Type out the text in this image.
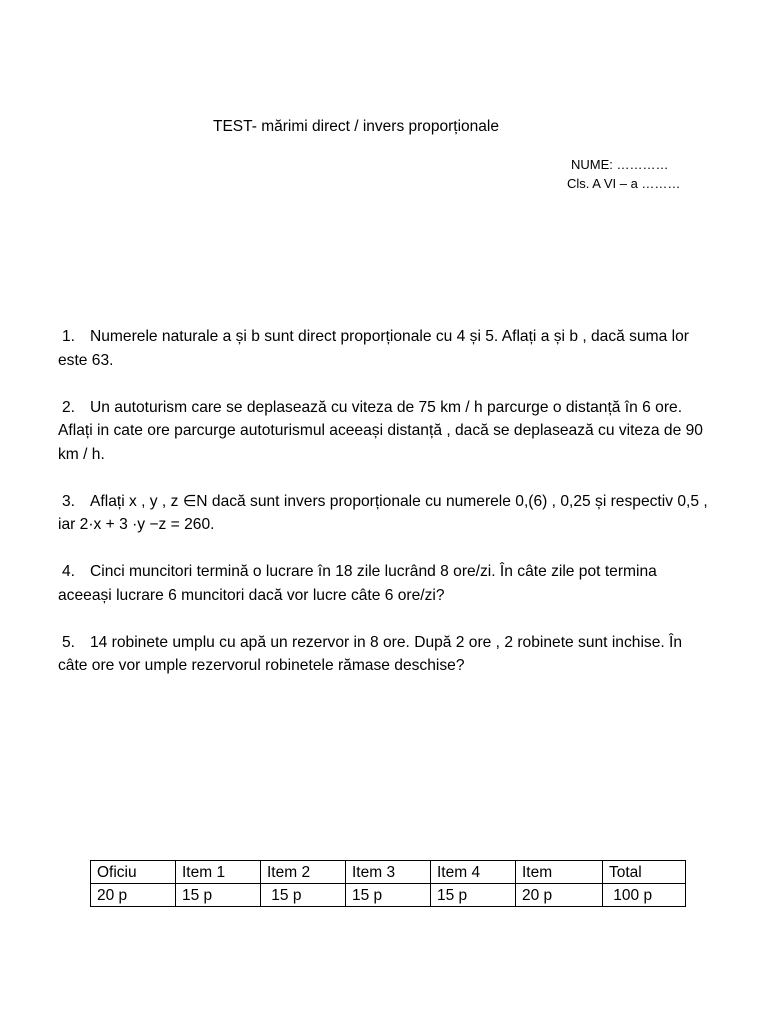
TEST- mărimi direct / invers proporționale
NUME: …………
Cls. A VI – a ………
1. Numerele naturale a și b sunt direct proporționale cu 4 și 5. Aflați a și b , dacă suma lor este 63.
2. Un autoturism care se deplasează cu viteza de 75 km / h parcurge o distanță în 6 ore. Aflați in cate ore parcurge autoturismul aceeași distanță , dacă se deplasează cu viteza de 90 km / h.
3. Aflați x , y , z ∈N dacă sunt invers proporționale cu numerele 0,(6) , 0,25 și respectiv 0,5 , iar 2·x + 3 ·y −z = 260.
4. Cinci muncitori termină o lucrare în 18 zile lucrând 8 ore/zi. În câte zile pot termina aceeași lucrare 6 muncitori dacă vor lucre câte 6 ore/zi?
5. 14 robinete umplu cu apă un rezervor in 8 ore. După 2 ore , 2 robinete sunt inchise. În câte ore vor umple rezervorul robinetele rămase deschise?
Oficiu	Item 1	Item 2	Item 3	Item 4	Item	Total
20 p	15 p	15 p	15 p	15 p	20 p	100 p
